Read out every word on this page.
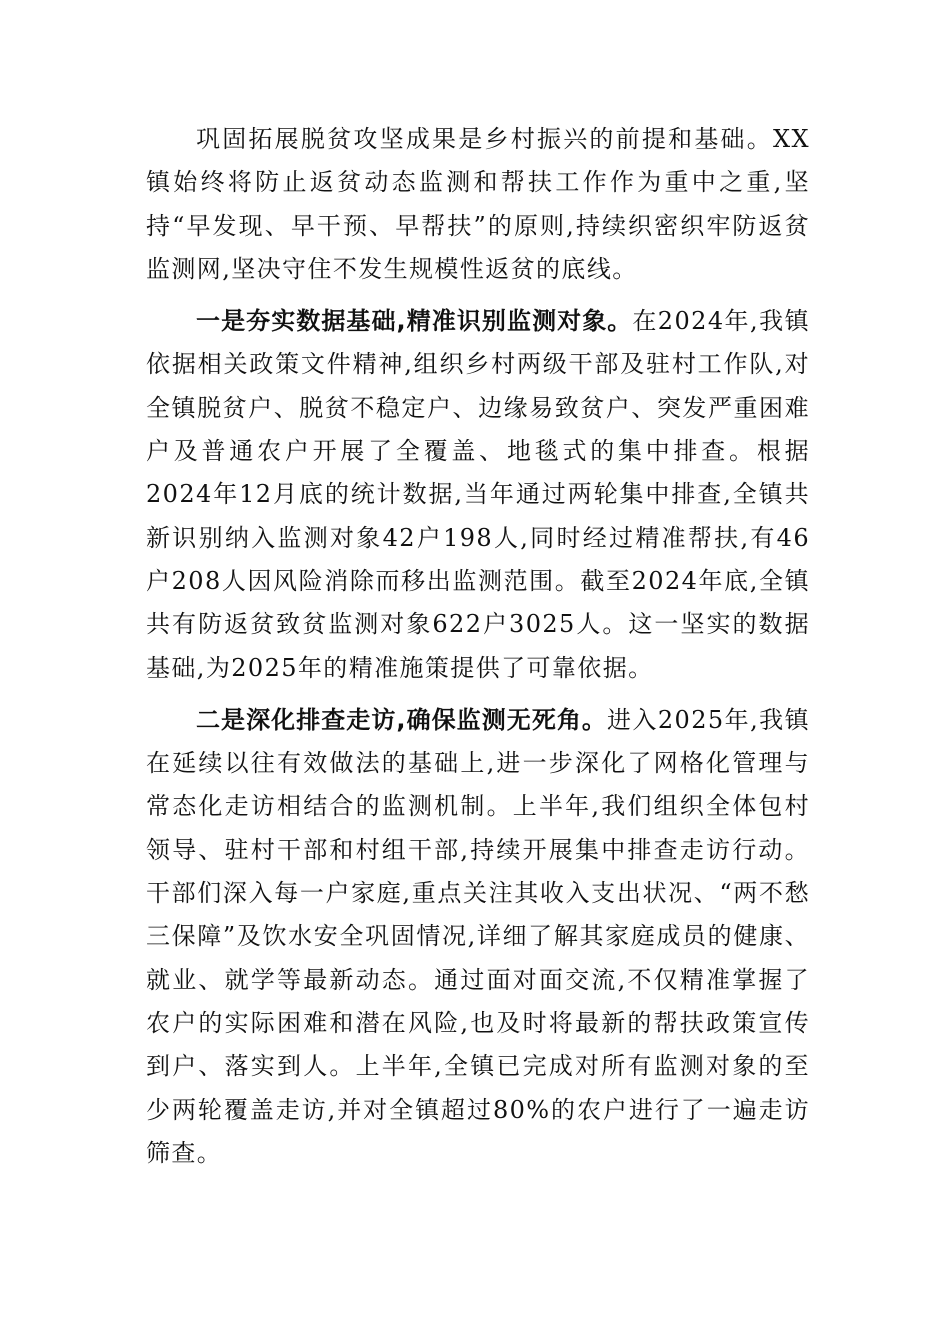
巩固拓展脱贫攻坚成果是乡村振兴的前提和基础。XX镇始终将防止返贫动态监测和帮扶工作作为重中之重,坚持“早发现、早干预、早帮扶”的原则,持续织密织牢防返贫监测网,坚决守住不发生规模性返贫的底线。

一是夯实数据基础,精准识别监测对象。在2024年,我镇依据相关政策文件精神,组织乡村两级干部及驻村工作队,对全镇脱贫户、脱贫不稳定户、边缘易致贫户、突发严重困难户及普通农户开展了全覆盖、地毯式的集中排查。根据2024年12月底的统计数据,当年通过两轮集中排查,全镇共新识别纳入监测对象42户198人,同时经过精准帮扶,有46户208人因风险消除而移出监测范围。截至2024年底,全镇共有防返贫致贫监测对象622户3025人。这一坚实的数据基础,为2025年的精准施策提供了可靠依据。

二是深化排查走访,确保监测无死角。进入2025年,我镇在延续以往有效做法的基础上,进一步深化了网格化管理与常态化走访相结合的监测机制。上半年,我们组织全体包村领导、驻村干部和村组干部,持续开展集中排查走访行动。干部们深入每一户家庭,重点关注其收入支出状况、“两不愁三保障”及饮水安全巩固情况,详细了解其家庭成员的健康、就业、就学等最新动态。通过面对面交流,不仅精准掌握了农户的实际困难和潜在风险,也及时将最新的帮扶政策宣传到户、落实到人。上半年,全镇已完成对所有监测对象的至少两轮覆盖走访,并对全镇超过80%的农户进行了一遍走访筛查。
